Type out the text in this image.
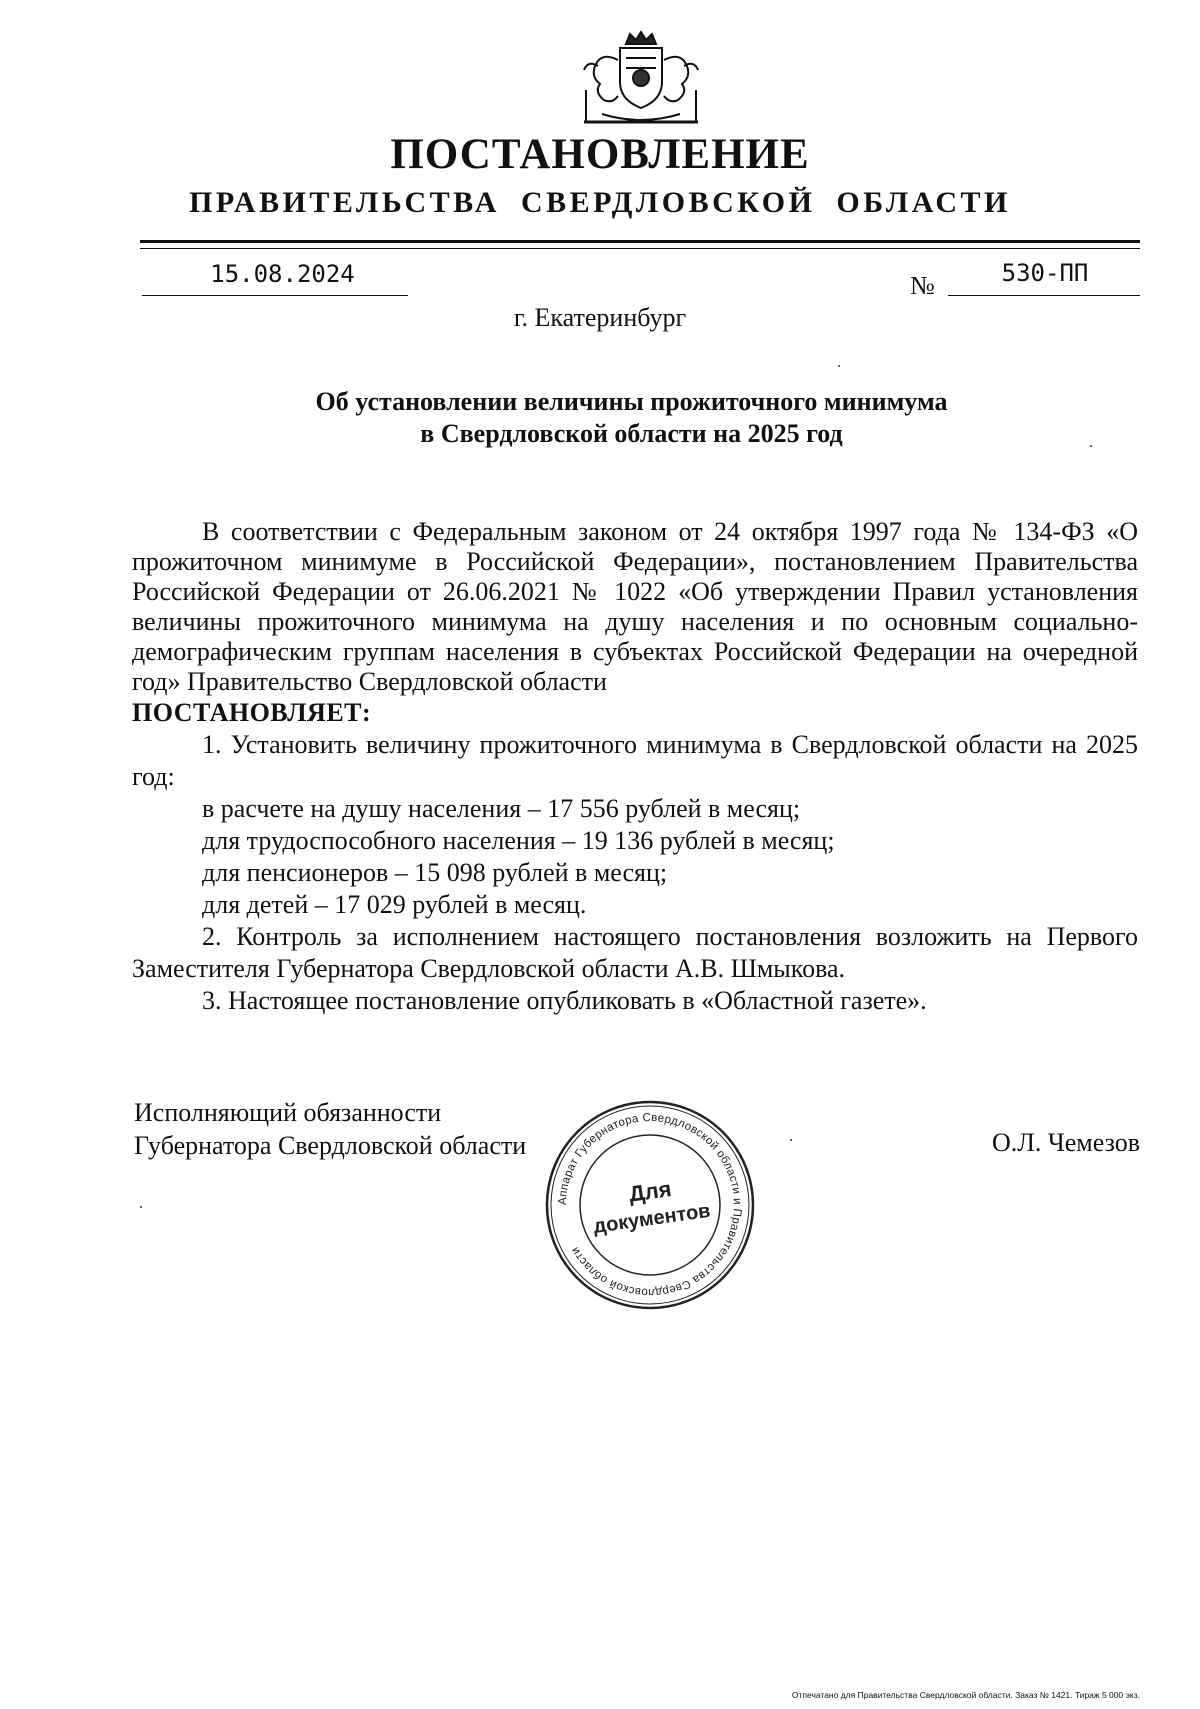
ПОСТАНОВЛЕНИЕ
ПРАВИТЕЛЬСТВА СВЕРДЛОВСКОЙ ОБЛАСТИ
15.08.2024	№	530-ПП
г. Екатеринбург
Об установлении величины прожиточного минимума
в Свердловской области на 2025 год

В соответствии с Федеральным законом от 24 октября 1997 года № 134-ФЗ «О прожиточном минимуме в Российской Федерации», постановлением Правительства Российской Федерации от 26.06.2021 № 1022 «Об утверждении Правил установления величины прожиточного минимума на душу населения и по основным социально-демографическим группам населения в субъектах Российской Федерации на очередной год» Правительство Свердловской области

ПОСТАНОВЛЯЕТ:

1. Установить величину прожиточного минимума в Свердловской области на 2025 год:

в расчете на душу населения – 17 556 рублей в месяц;

для трудоспособного населения – 19 136 рублей в месяц;

для пенсионеров – 15 098 рублей в месяц;

для детей – 17 029 рублей в месяц.

2. Контроль за исполнением настоящего постановления возложить на Первого Заместителя Губернатора Свердловской области А.В. Шмыкова.

3. Настоящее постановление опубликовать в «Областной газете».

Исполняющий обязанности
Губернатора Свердловской области
Аппарат Губернатора Свердловской области и Правительства Свердловской области
Для
документов
О.Л. Чемезов
Отпечатано для Правительства Свердловской области. Заказ № 1421. Тираж 5 000 экз.
